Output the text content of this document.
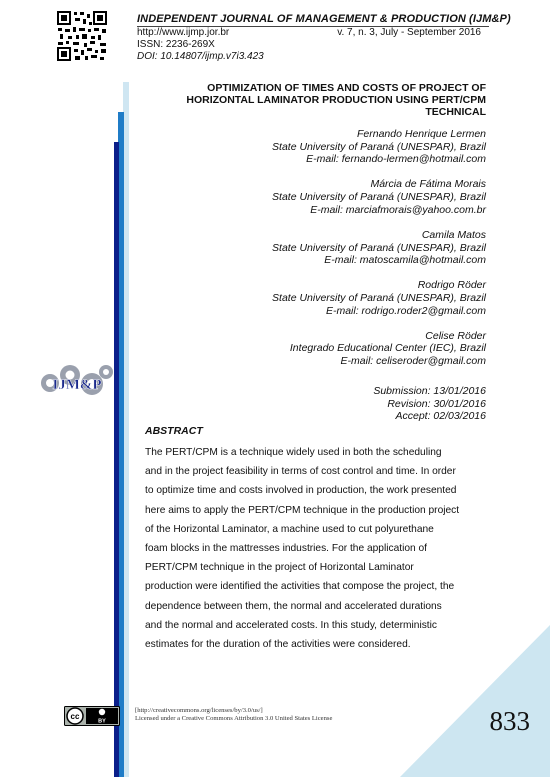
INDEPENDENT JOURNAL OF MANAGEMENT & PRODUCTION (IJM&P)
http://www.ijmp.jor.br	v. 7, n. 3, July - September 2016
ISSN: 2236-269X
DOI: 10.14807/ijmp.v7i3.423
OPTIMIZATION OF TIMES AND COSTS OF PROJECT OF
HORIZONTAL LAMINATOR PRODUCTION USING PERT/CPM
TECHNICAL
Fernando Henrique Lermen
State University of Paraná (UNESPAR), Brazil
E-mail: fernando-lermen@hotmail.com
Márcia de Fátima Morais
State University of Paraná (UNESPAR), Brazil
E-mail: marciafmorais@yahoo.com.br
Camila Matos
State University of Paraná (UNESPAR), Brazil
E-mail: matoscamila@hotmail.com
Rodrigo Röder
State University of Paraná (UNESPAR), Brazil
E-mail: rodrigo.roder2@gmail.com
Celise Röder
Integrado Educational Center (IEC), Brazil
E-mail: celiseroder@gmail.com
IJM&P	Submission: 13/01/2016
Revision: 30/01/2016
Accept: 02/03/2016
ABSTRACT
The PERT/CPM is a technique widely used in both the scheduling
and in the project feasibility in terms of cost control and time. In order
to optimize time and costs involved in production, the work presented
here aims to apply the PERT/CPM technique in the production project
of the Horizontal Laminator, a machine used to cut polyurethane
foam blocks in the mattresses industries. For the application of
PERT/CPM technique in the project of Horizontal Laminator
production were identified the activities that compose the project, the
dependence between them, the normal and accelerated durations
and the normal and accelerated costs. In this study, deterministic
estimates for the duration of the activities were considered.
cc
BY
[http://creativecommons.org/licenses/by/3.0/us/]
Licensed under a Creative Commons Attribution 3.0 United States License	833
